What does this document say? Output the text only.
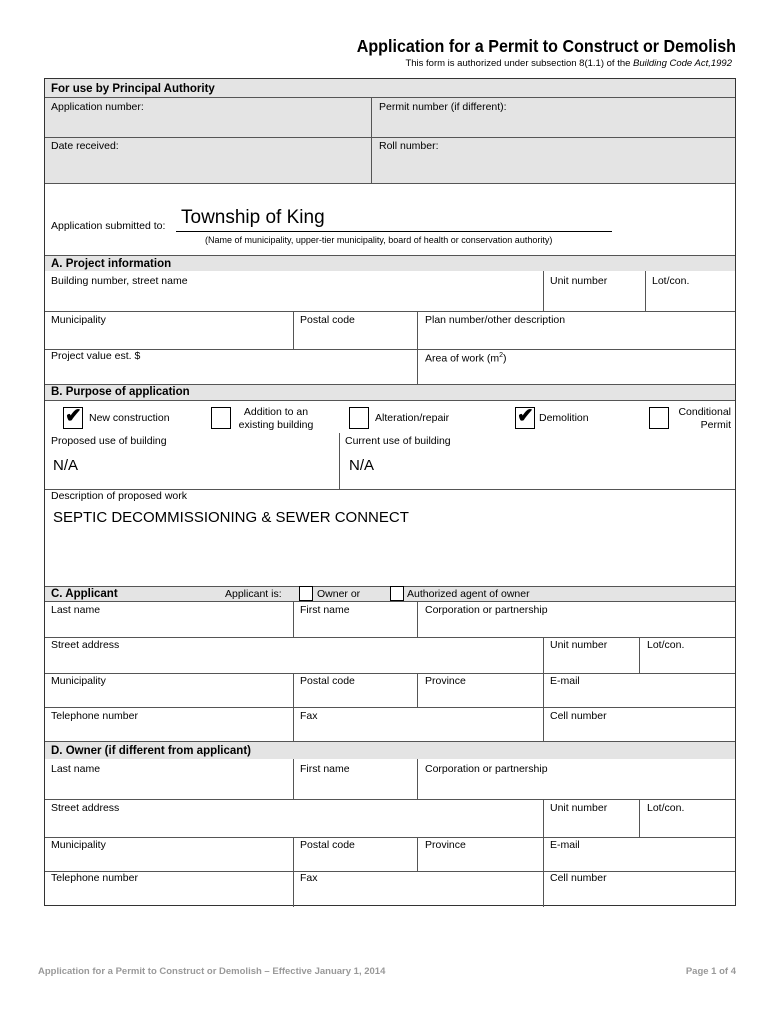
Application for a Permit to Construct or Demolish
This form is authorized under subsection 8(1.1) of the Building Code Act,1992
For use by Principal Authority
Application number:	Permit number (if different):
Date received:	Roll number:
Application submitted to: Township of King
(Name of municipality, upper-tier municipality, board of health or conservation authority)
A. Project information
Building number, street name	Unit number	Lot/con.
Municipality	Postal code	Plan number/other description
Project value est. $	Area of work $(m^2)$
B. Purpose of application
✔ New construction	Addition to an
existing building
Alteration/repair	✔ Demolition	Conditional
Permit
Proposed use of building	Current use of building
N/A	N/A
Description of proposed work
SEPTIC DECOMMISSIONING & SEWER CONNECT
C. Applicant	Applicant is:	Owner or	Authorized agent of owner
Last name	First name	Corporation or partnership
Street address	Unit number	Lot/con.
Municipality	Postal code	Province	E-mail
Telephone number	Fax	Cell number
D. Owner (if different from applicant)
Last name	First name	Corporation or partnership
Street address	Unit number	Lot/con.
Municipality	Postal code	Province	E-mail
Telephone number	Fax	Cell number
Application for a Permit to Construct or Demolish – Effective January 1, 2014	Page 1 of 4
